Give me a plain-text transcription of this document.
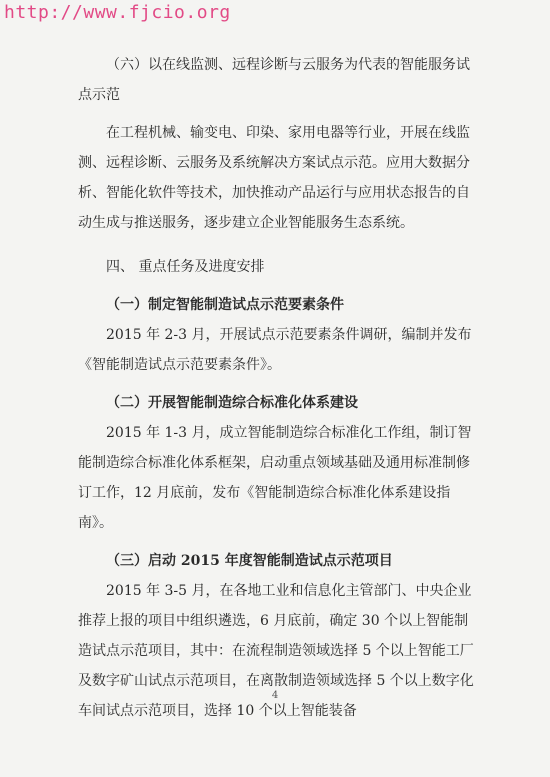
http://www.fjcio.org

（六）以在线监测、远程诊断与云服务为代表的智能服务试点示范

在工程机械、输变电、印染、家用电器等行业，开展在线监测、远程诊断、云服务及系统解决方案试点示范。应用大数据分析、智能化软件等技术，加快推动产品运行与应用状态报告的自动生成与推送服务，逐步建立企业智能服务生态系统。

四、 重点任务及进度安排

（一）制定智能制造试点示范要素条件

2015 年 2-3 月，开展试点示范要素条件调研，编制并发布《智能制造试点示范要素条件》。

（二）开展智能制造综合标准化体系建设

2015 年 1-3 月，成立智能制造综合标准化工作组，制订智能制造综合标准化体系框架，启动重点领域基础及通用标准制修订工作，12 月底前，发布《智能制造综合标准化体系建设指南》。

（三）启动 2015 年度智能制造试点示范项目

2015 年 3-5 月，在各地工业和信息化主管部门、中央企业推荐上报的项目中组织遴选，6 月底前，确定 30 个以上智能制造试点示范项目，其中：在流程制造领域选择 5 个以上智能工厂及数字矿山试点示范项目，在离散制造领域选择 5 个以上数字化车间试点示范项目，选择 10 个以上智能装备

4
